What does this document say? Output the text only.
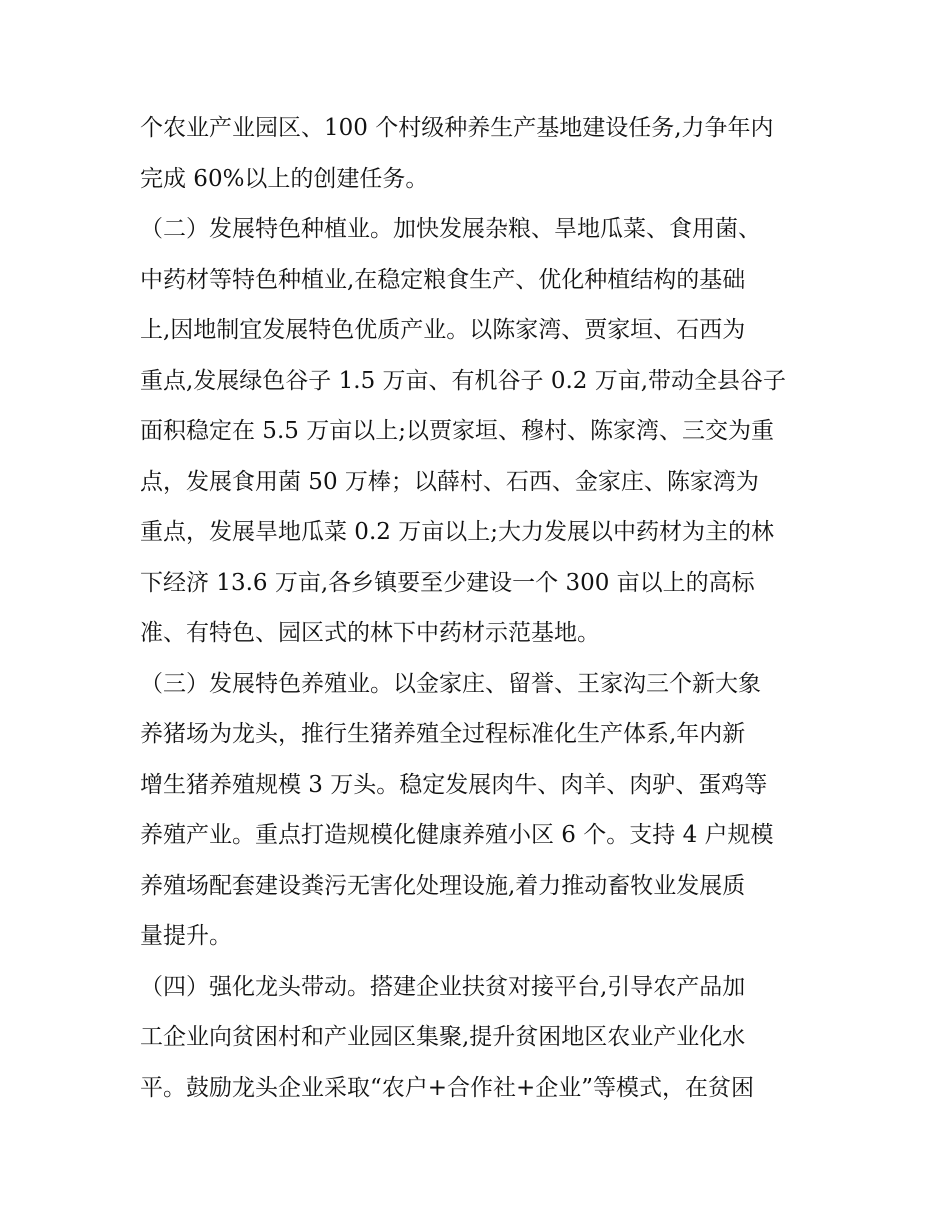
个农业产业园区、100 个村级种养生产基地建设任务,力争年内
完成 60%以上的创建任务。
（二）发展特色种植业。加快发展杂粮、旱地瓜菜、食用菌、
中药材等特色种植业,在稳定粮食生产、优化种植结构的基础
上,因地制宜发展特色优质产业。以陈家湾、贾家垣、石西为
重点,发展绿色谷子 1.5 万亩、有机谷子 0.2 万亩,带动全县谷子
面积稳定在 5.5 万亩以上;以贾家垣、穆村、陈家湾、三交为重
点，发展食用菌 50 万棒；以薛村、石西、金家庄、陈家湾为
重点，发展旱地瓜菜 0.2 万亩以上;大力发展以中药材为主的林
下经济 13.6 万亩,各乡镇要至少建设一个 300 亩以上的高标
准、有特色、园区式的林下中药材示范基地。
（三）发展特色养殖业。以金家庄、留誉、王家沟三个新大象
养猪场为龙头，推行生猪养殖全过程标准化生产体系,年内新
增生猪养殖规模 3 万头。稳定发展肉牛、肉羊、肉驴、蛋鸡等
养殖产业。重点打造规模化健康养殖小区 6 个。支持 4 户规模
养殖场配套建设粪污无害化处理设施,着力推动畜牧业发展质
量提升。
（四）强化龙头带动。搭建企业扶贫对接平台,引导农产品加
工企业向贫困村和产业园区集聚,提升贫困地区农业产业化水
平。鼓励龙头企业采取“农户+合作社+企业”等模式，在贫困
